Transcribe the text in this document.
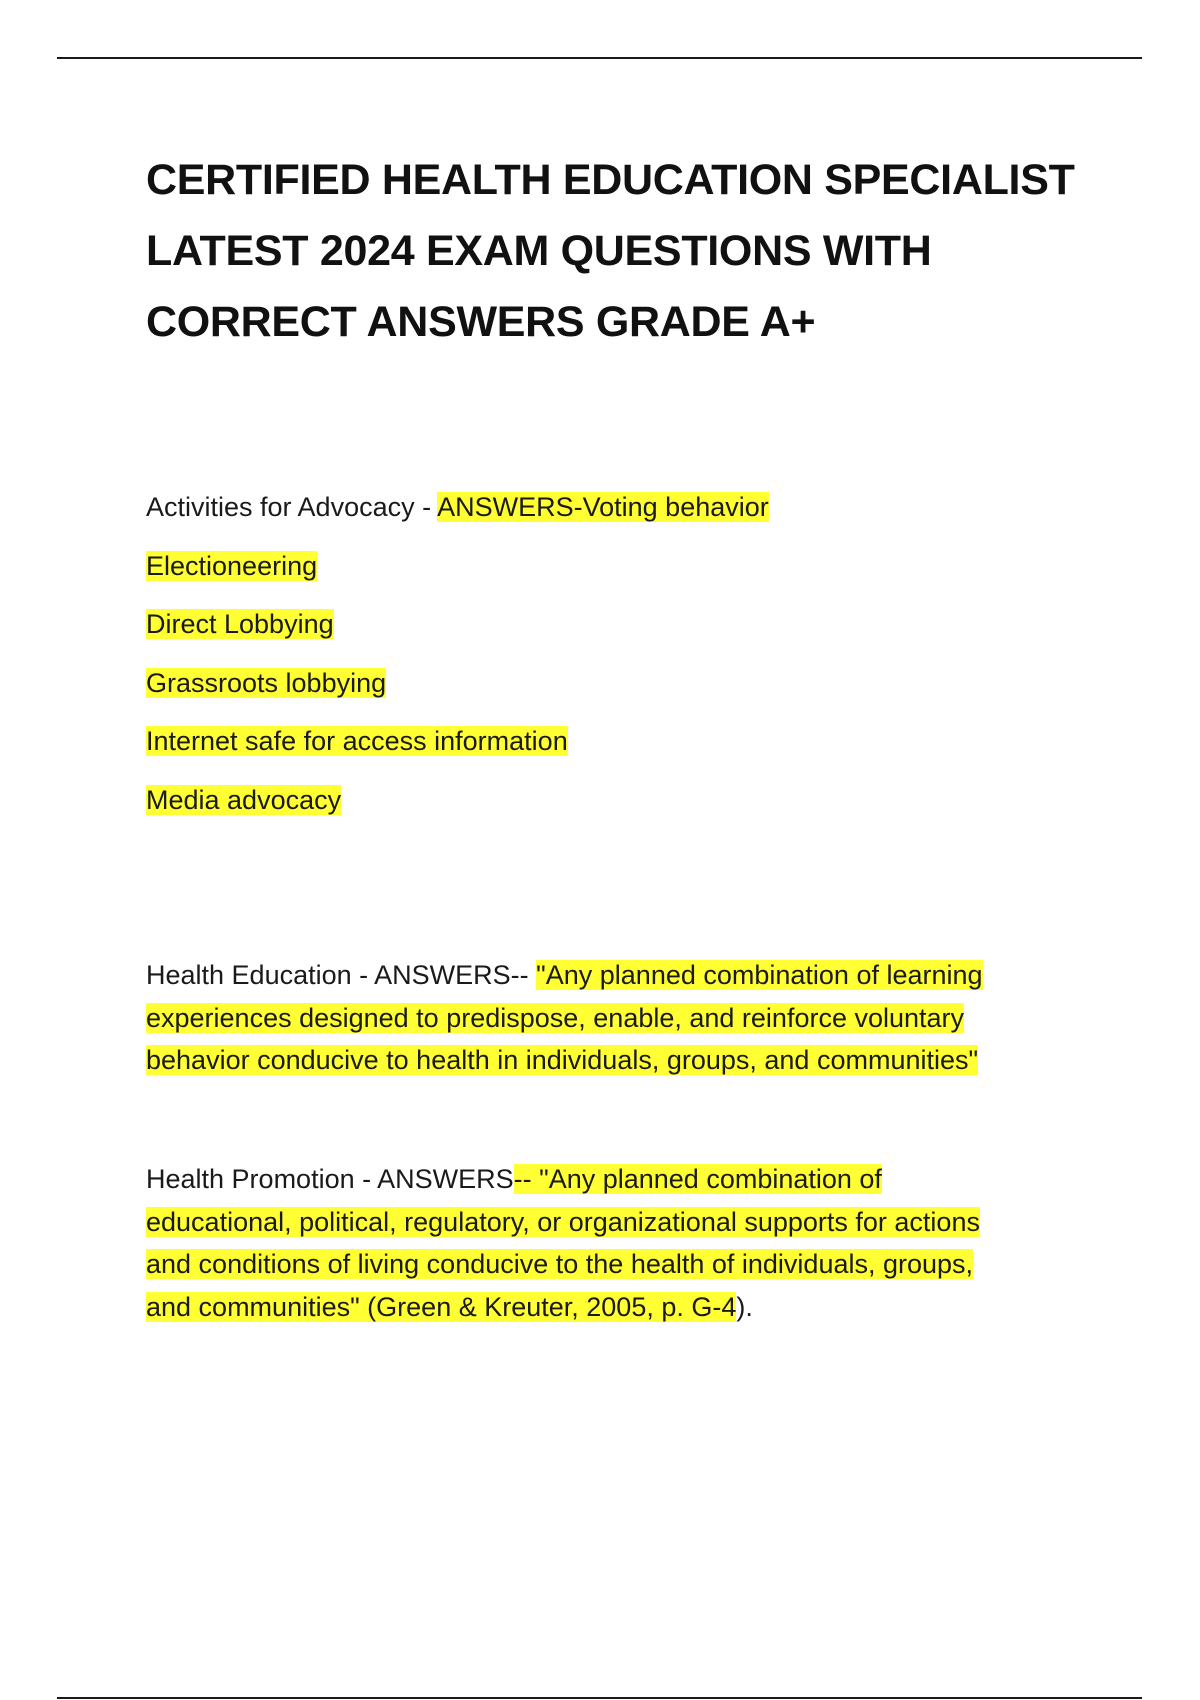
CERTIFIED HEALTH EDUCATION SPECIALIST
LATEST 2024 EXAM QUESTIONS WITH
CORRECT ANSWERS GRADE A+
Activities for Advocacy - ANSWERS-Voting behavior
Electioneering
Direct Lobbying
Grassroots lobbying
Internet safe for access information
Media advocacy
Health Education - ANSWERS-- "Any planned combination of learning
experiences designed to predispose, enable, and reinforce voluntary
behavior conducive to health in individuals, groups, and communities"
Health Promotion - ANSWERS-- "Any planned combination of
educational, political, regulatory, or organizational supports for actions
and conditions of living conducive to the health of individuals, groups,
and communities" (Green & Kreuter, 2005, p. G-4).
